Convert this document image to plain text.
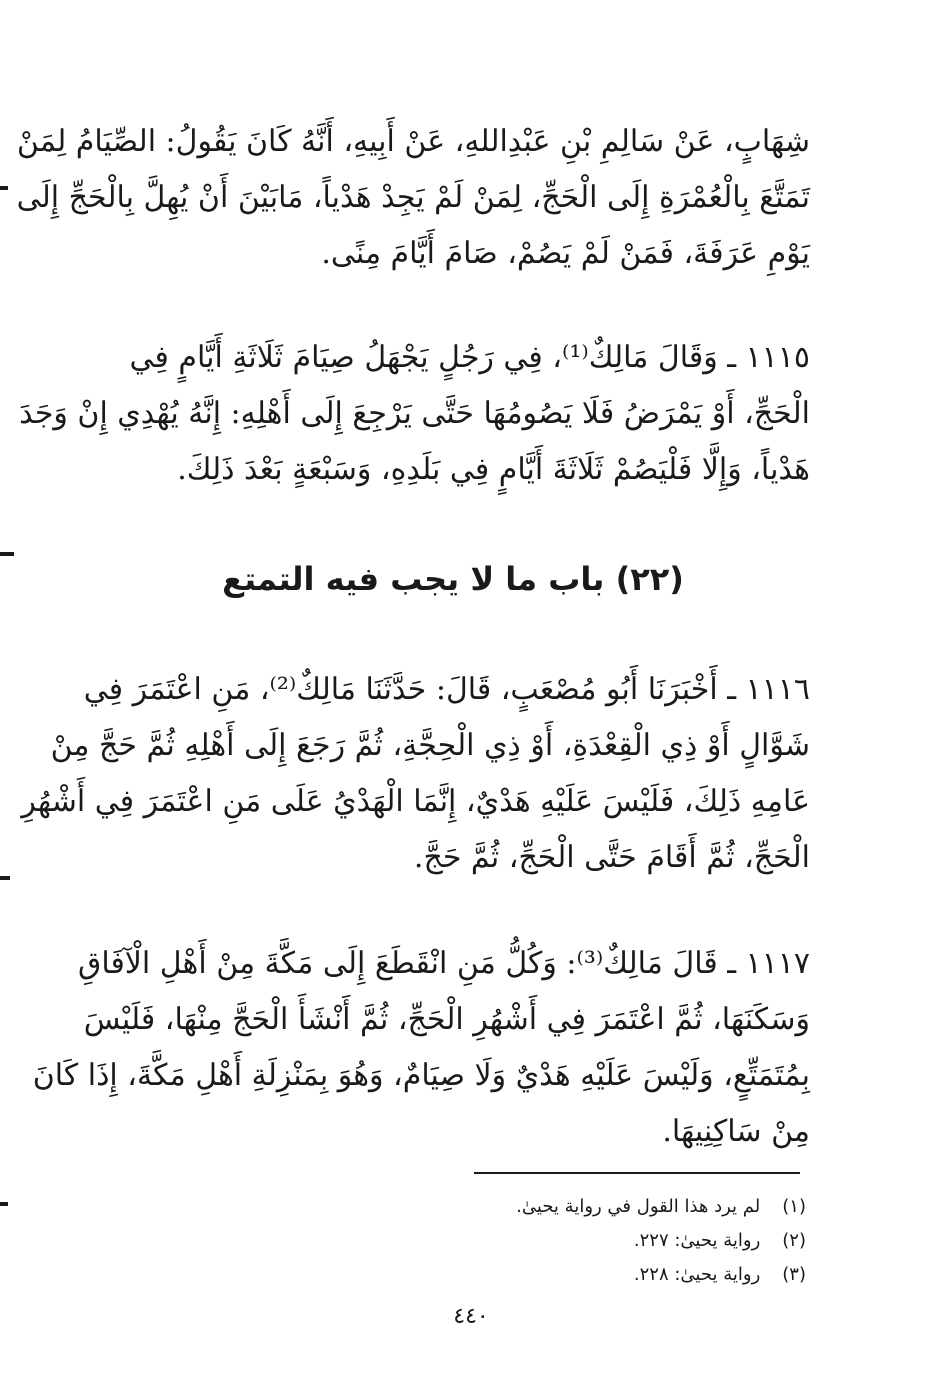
شِهَابٍ، عَنْ سَالِمِ بْنِ عَبْدِاللهِ، عَنْ أَبِيهِ، أَنَّهُ كَانَ يَقُولُ: الصِّيَامُ لِمَنْ
تَمَتَّعَ بِالْعُمْرَةِ إِلَى الْحَجِّ، لِمَنْ لَمْ يَجِدْ هَدْياً، مَابَيْنَ أَنْ يُهِلَّ بِالْحَجِّ إِلَى
يَوْمِ عَرَفَةَ، فَمَنْ لَمْ يَصُمْ، صَامَ أَيَّامَ مِنًى.
١١١٥ ـ وَقَالَ مَالِكٌ⁽¹⁾، فِي رَجُلٍ يَجْهَلُ صِيَامَ ثَلَاثَةِ أَيَّامٍ فِي
الْحَجِّ، أَوْ يَمْرَضُ فَلَا يَصُومُهَا حَتَّى يَرْجِعَ إِلَى أَهْلِهِ: إِنَّهُ يُهْدِي إِنْ وَجَدَ
هَدْياً، وَإِلَّا فَلْيَصُمْ ثَلَاثَةَ أَيَّامٍ فِي بَلَدِهِ، وَسَبْعَةٍ بَعْدَ ذَلِكَ.
(٢٢) باب ما لا يجب فيه التمتع
١١١٦ ـ أَخْبَرَنَا أَبُو مُصْعَبٍ، قَالَ: حَدَّثَنَا مَالِكٌ⁽²⁾، مَنِ اعْتَمَرَ فِي
شَوَّالٍ أَوْ ذِي الْقِعْدَةِ، أَوْ ذِي الْحِجَّةِ، ثُمَّ رَجَعَ إِلَى أَهْلِهِ ثُمَّ حَجَّ مِنْ
عَامِهِ ذَلِكَ، فَلَيْسَ عَلَيْهِ هَدْيٌ، إِنَّمَا الْهَدْيُ عَلَى مَنِ اعْتَمَرَ فِي أَشْهُرِ
الْحَجِّ، ثُمَّ أَقَامَ حَتَّى الْحَجِّ، ثُمَّ حَجَّ.
١١١٧ ـ قَالَ مَالِكٌ⁽³⁾: وَكُلُّ مَنِ انْقَطَعَ إِلَى مَكَّةَ مِنْ أَهْلِ الْآفَاقِ
وَسَكَنَهَا، ثُمَّ اعْتَمَرَ فِي أَشْهُرِ الْحَجِّ، ثُمَّ أَنْشَأَ الْحَجَّ مِنْهَا، فَلَيْسَ
بِمُتَمَتِّعٍ، وَلَيْسَ عَلَيْهِ هَدْيٌ وَلَا صِيَامٌ، وَهُوَ بِمَنْزِلَةِ أَهْلِ مَكَّةَ، إِذَا كَانَ
مِنْ سَاكِنِيهَا.
(١) لم يرد هذا القول في رواية يحيىٰ.
(٢) رواية يحيىٰ: ٢٢٧.
(٣) رواية يحيىٰ: ٢٢٨.
٤٤٠
